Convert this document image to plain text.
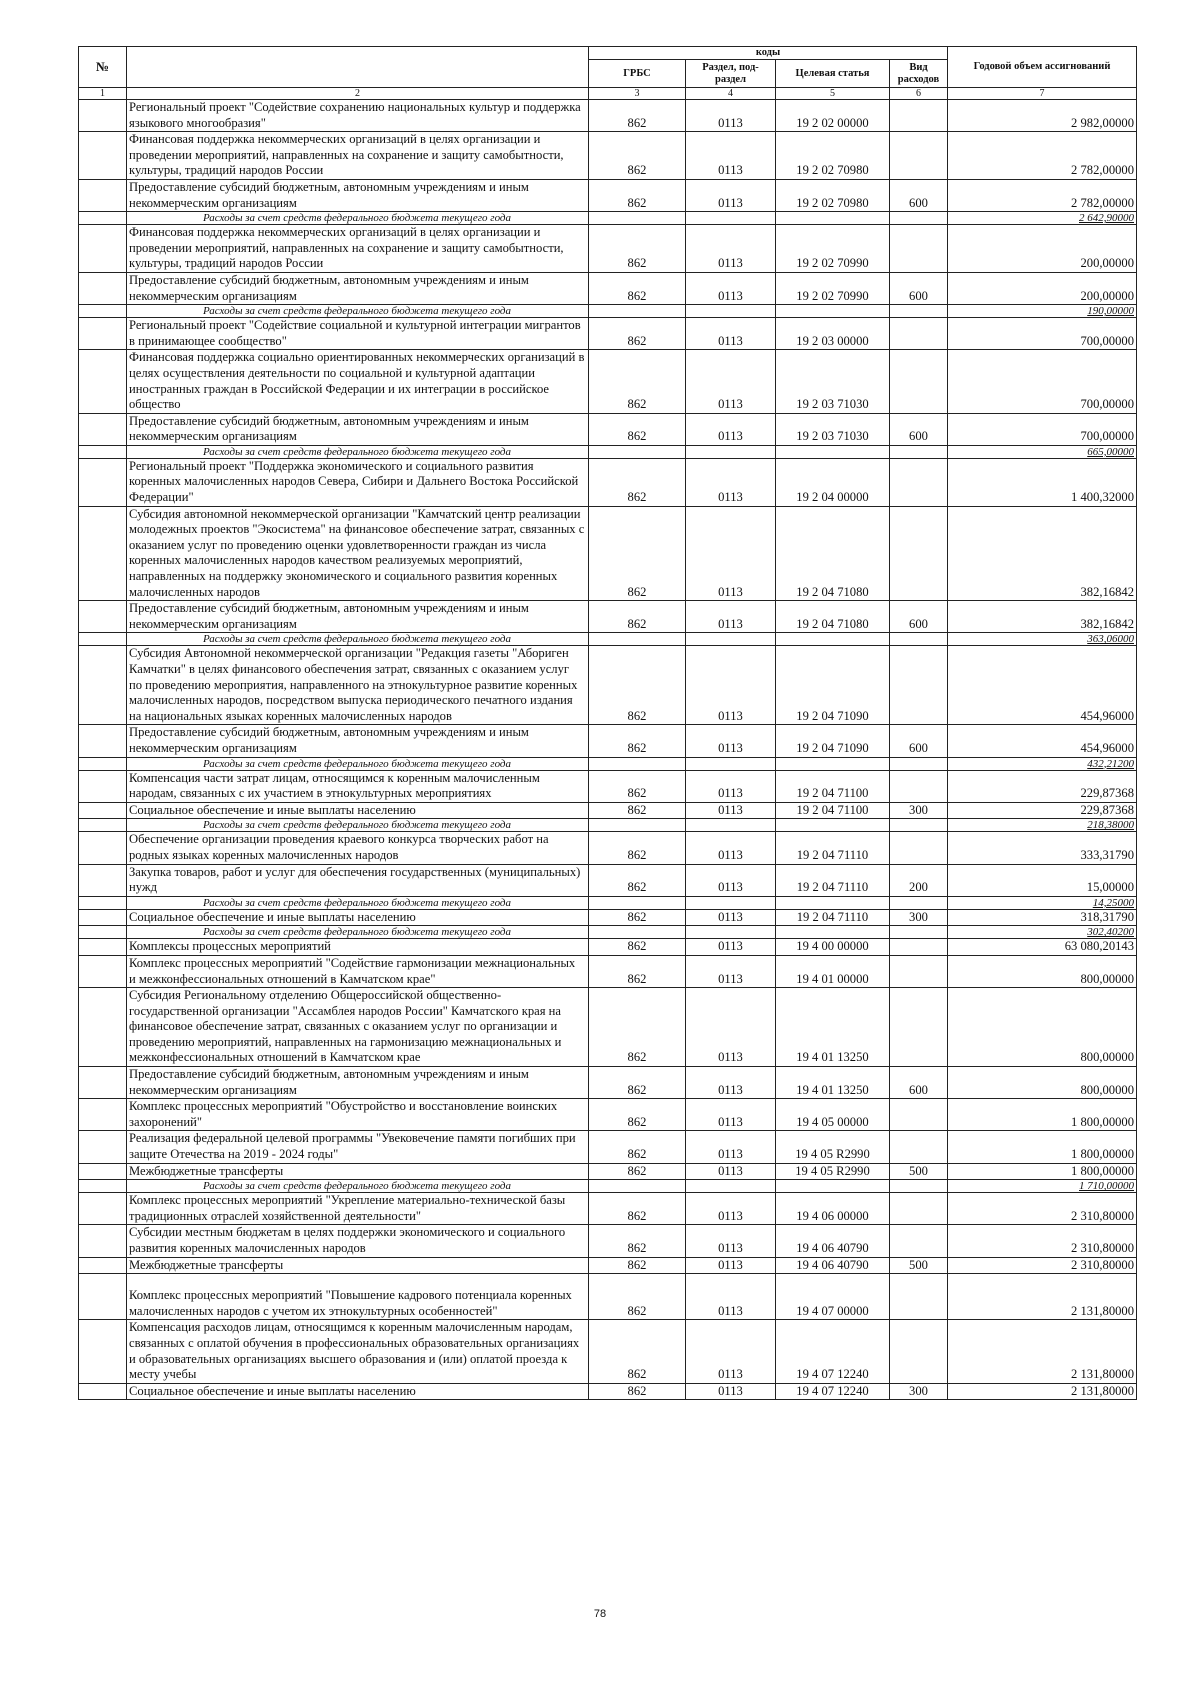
№		коды				Годовой объем ассигнований
		ГРБС	Раздел, под-раздел	Целевая статья	Вид расходов	
1	2	3	4	5	6	7
	Региональный проект "Содействие сохранению национальных культур и поддержка языкового многообразия"	862	0113	19 2 02 00000		2 982,00000
	Финансовая поддержка некоммерческих организаций в целях организации и проведении мероприятий, направленных на сохранение и защиту самобытности, культуры, традиций народов России	862	0113	19 2 02 70980		2 782,00000
	Предоставление субсидий бюджетным, автономным учреждениям и иным некоммерческим организациям	862	0113	19 2 02 70980	600	2 782,00000
	Расходы за счет средств федерального бюджета текущего года					2 642,90000
	Финансовая поддержка некоммерческих организаций в целях организации и проведении мероприятий, направленных на сохранение и защиту самобытности, культуры, традиций народов России	862	0113	19 2 02 70990		200,00000
	Предоставление субсидий бюджетным, автономным учреждениям и иным некоммерческим организациям	862	0113	19 2 02 70990	600	200,00000
	Расходы за счет средств федерального бюджета текущего года					190,00000
	Региональный проект "Содействие социальной и культурной интеграции мигрантов в принимающее сообщество"	862	0113	19 2 03 00000		700,00000
	Финансовая поддержка социально ориентированных некоммерческих организаций в целях осуществления деятельности по социальной и культурной адаптации иностранных граждан в Российской Федерации и их интеграции в российское общество	862	0113	19 2 03 71030		700,00000
	Предоставление субсидий бюджетным, автономным учреждениям и иным некоммерческим организациям	862	0113	19 2 03 71030	600	700,00000
	Расходы за счет средств федерального бюджета текущего года					665,00000
	Региональный проект "Поддержка экономического и социального развития коренных малочисленных народов Севера, Сибири и Дальнего Востока Российской Федерации"	862	0113	19 2 04 00000		1 400,32000
	Субсидия автономной некоммерческой организации "Камчатский центр реализации молодежных проектов "Экосистема" на финансовое обеспечение затрат, связанных с оказанием услуг по проведению оценки удовлетворенности граждан из числа коренных малочисленных народов качеством реализуемых мероприятий, направленных на поддержку экономического и социального развития коренных малочисленных народов	862	0113	19 2 04 71080		382,16842
	Предоставление субсидий бюджетным, автономным учреждениям и иным некоммерческим организациям	862	0113	19 2 04 71080	600	382,16842
	Расходы за счет средств федерального бюджета текущего года					363,06000
	Субсидия Автономной некоммерческой организации "Редакция газеты "Абориген Камчатки" в целях финансового обеспечения затрат, связанных с оказанием услуг по проведению мероприятия, направленного на этнокультурное развитие коренных малочисленных народов, посредством выпуска периодического печатного издания на национальных языках коренных малочисленных народов	862	0113	19 2 04 71090		454,96000
	Предоставление субсидий бюджетным, автономным учреждениям и иным некоммерческим организациям	862	0113	19 2 04 71090	600	454,96000
	Расходы за счет средств федерального бюджета текущего года					432,21200
	Компенсация части затрат лицам, относящимся к коренным малочисленным народам, связанных с их участием в этнокультурных мероприятиях	862	0113	19 2 04 71100		229,87368
	Социальное обеспечение и иные выплаты населению	862	0113	19 2 04 71100	300	229,87368
	Расходы за счет средств федерального бюджета текущего года					218,38000
	Обеспечение организации проведения краевого конкурса творческих работ на родных языках коренных малочисленных народов	862	0113	19 2 04 71110		333,31790
	Закупка товаров, работ и услуг для обеспечения государственных (муниципальных) нужд	862	0113	19 2 04 71110	200	15,00000
	Расходы за счет средств федерального бюджета текущего года					14,25000
	Социальное обеспечение и иные выплаты населению	862	0113	19 2 04 71110	300	318,31790
	Расходы за счет средств федерального бюджета текущего года					302,40200
	Комплексы процессных мероприятий	862	0113	19 4 00 00000		63 080,20143
	Комплекс процессных мероприятий "Содействие гармонизации межнациональных и межконфессиональных отношений в Камчатском крае"	862	0113	19 4 01 00000		800,00000
	Субсидия Региональному отделению Общероссийской общественно-государственной организации "Ассамблея народов России" Камчатского края на финансовое обеспечение затрат, связанных с оказанием услуг по организации и проведению мероприятий, направленных на гармонизацию межнациональных и межконфессиональных отношений в Камчатском крае	862	0113	19 4 01 13250		800,00000
	Предоставление субсидий бюджетным, автономным учреждениям и иным некоммерческим организациям	862	0113	19 4 01 13250	600	800,00000
	Комплекс процессных мероприятий "Обустройство и восстановление воинских захоронений"	862	0113	19 4 05 00000		1 800,00000
	Реализация федеральной целевой программы "Увековечение памяти погибших при защите Отечества на 2019 - 2024 годы"	862	0113	19 4 05 R2990		1 800,00000
	Межбюджетные трансферты	862	0113	19 4 05 R2990	500	1 800,00000
	Расходы за счет средств федерального бюджета текущего года					1 710,00000
	Комплекс процессных мероприятий "Укрепление материально-технической базы традиционных отраслей хозяйственной деятельности"	862	0113	19 4 06 00000		2 310,80000
	Субсидии местным бюджетам в целях поддержки экономического и социального развития коренных малочисленных народов	862	0113	19 4 06 40790		2 310,80000
	Межбюджетные трансферты	862	0113	19 4 06 40790	500	2 310,80000
	Комплекс процессных мероприятий "Повышение кадрового потенциала коренных малочисленных народов с учетом их этнокультурных особенностей"	862	0113	19 4 07 00000		2 131,80000
	Компенсация расходов лицам, относящимся к коренным малочисленным народам, связанных с оплатой обучения в профессиональных образовательных организациях и образовательных организациях высшего образования и (или) оплатой проезда к месту учебы	862	0113	19 4 07 12240		2 131,80000
	Социальное обеспечение и иные выплаты населению	862	0113	19 4 07 12240	300	2 131,80000
78
